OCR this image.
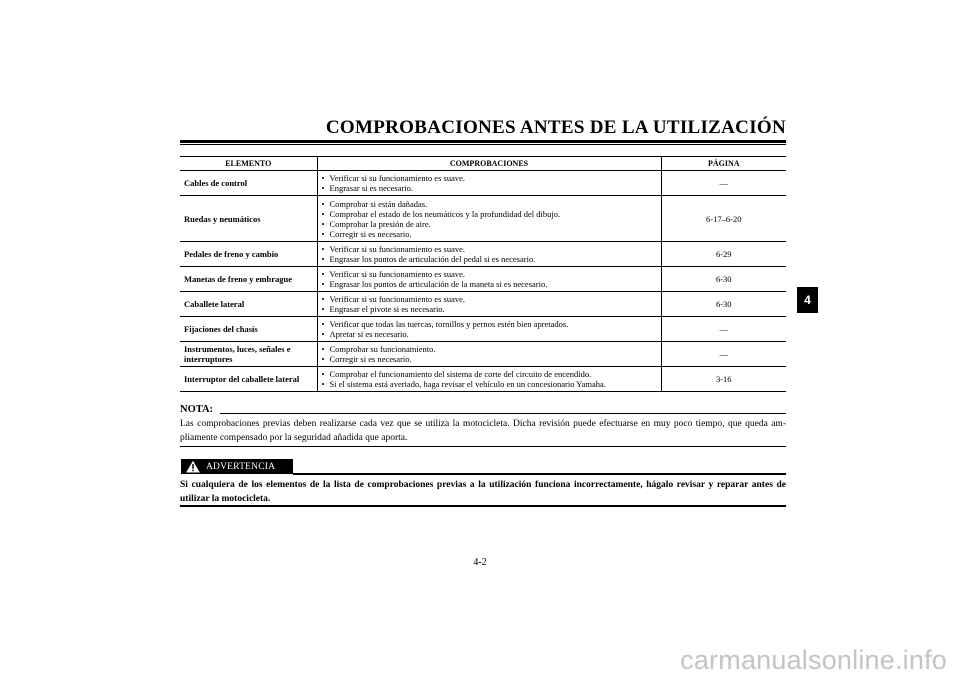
COMPROBACIONES ANTES DE LA UTILIZACIÓN
4
ELEMENTO	COMPROBACIONES	PÁGINA
Cables de control	• Verificar si su funcionamiento es suave.
• Engrasar si es necesario.	—
Ruedas y neumáticos	• Comprobar si están dañadas.
• Comprobar el estado de los neumáticos y la profundidad del dibujo.
• Comprobar la presión de aire.
• Corregir si es necesario.	6-17–6-20
Pedales de freno y cambio	• Verificar si su funcionamiento es suave.
• Engrasar los puntos de articulación del pedal si es necesario.	6-29
Manetas de freno y embrague	• Verificar si su funcionamiento es suave.
• Engrasar los puntos de articulación de la maneta si es necesario.	6-30
Caballete lateral	• Verificar si su funcionamiento es suave.
• Engrasar el pivote si es necesario.	6-30
Fijaciones del chasis	• Verificar que todas las tuercas, tornillos y pernos estén bien apretados.
• Apretar si es necesario.	—
Instrumentos, luces, señales e interruptores	• Comprobar su funcionamiento.
• Corregir si es necesario.	—
Interruptor del caballete lateral	• Comprobar el funcionamiento del sistema de corte del circuito de encendido.
• Si el sistema está averiado, haga revisar el vehículo en un concesionario Yamaha.	3-16
NOTA:
Las comprobaciones previas deben realizarse cada vez que se utiliza la motocicleta. Dicha revisión puede efectuarse en muy poco tiempo, que queda am- pliamente compensado por la seguridad añadida que aporta.
ADVERTENCIA
Si cualquiera de los elementos de la lista de comprobaciones previas a la utilización funciona incorrectamente, hágalo revisar y reparar antes de utilizar la motocicleta.
4-2
carmanualsonline.info
